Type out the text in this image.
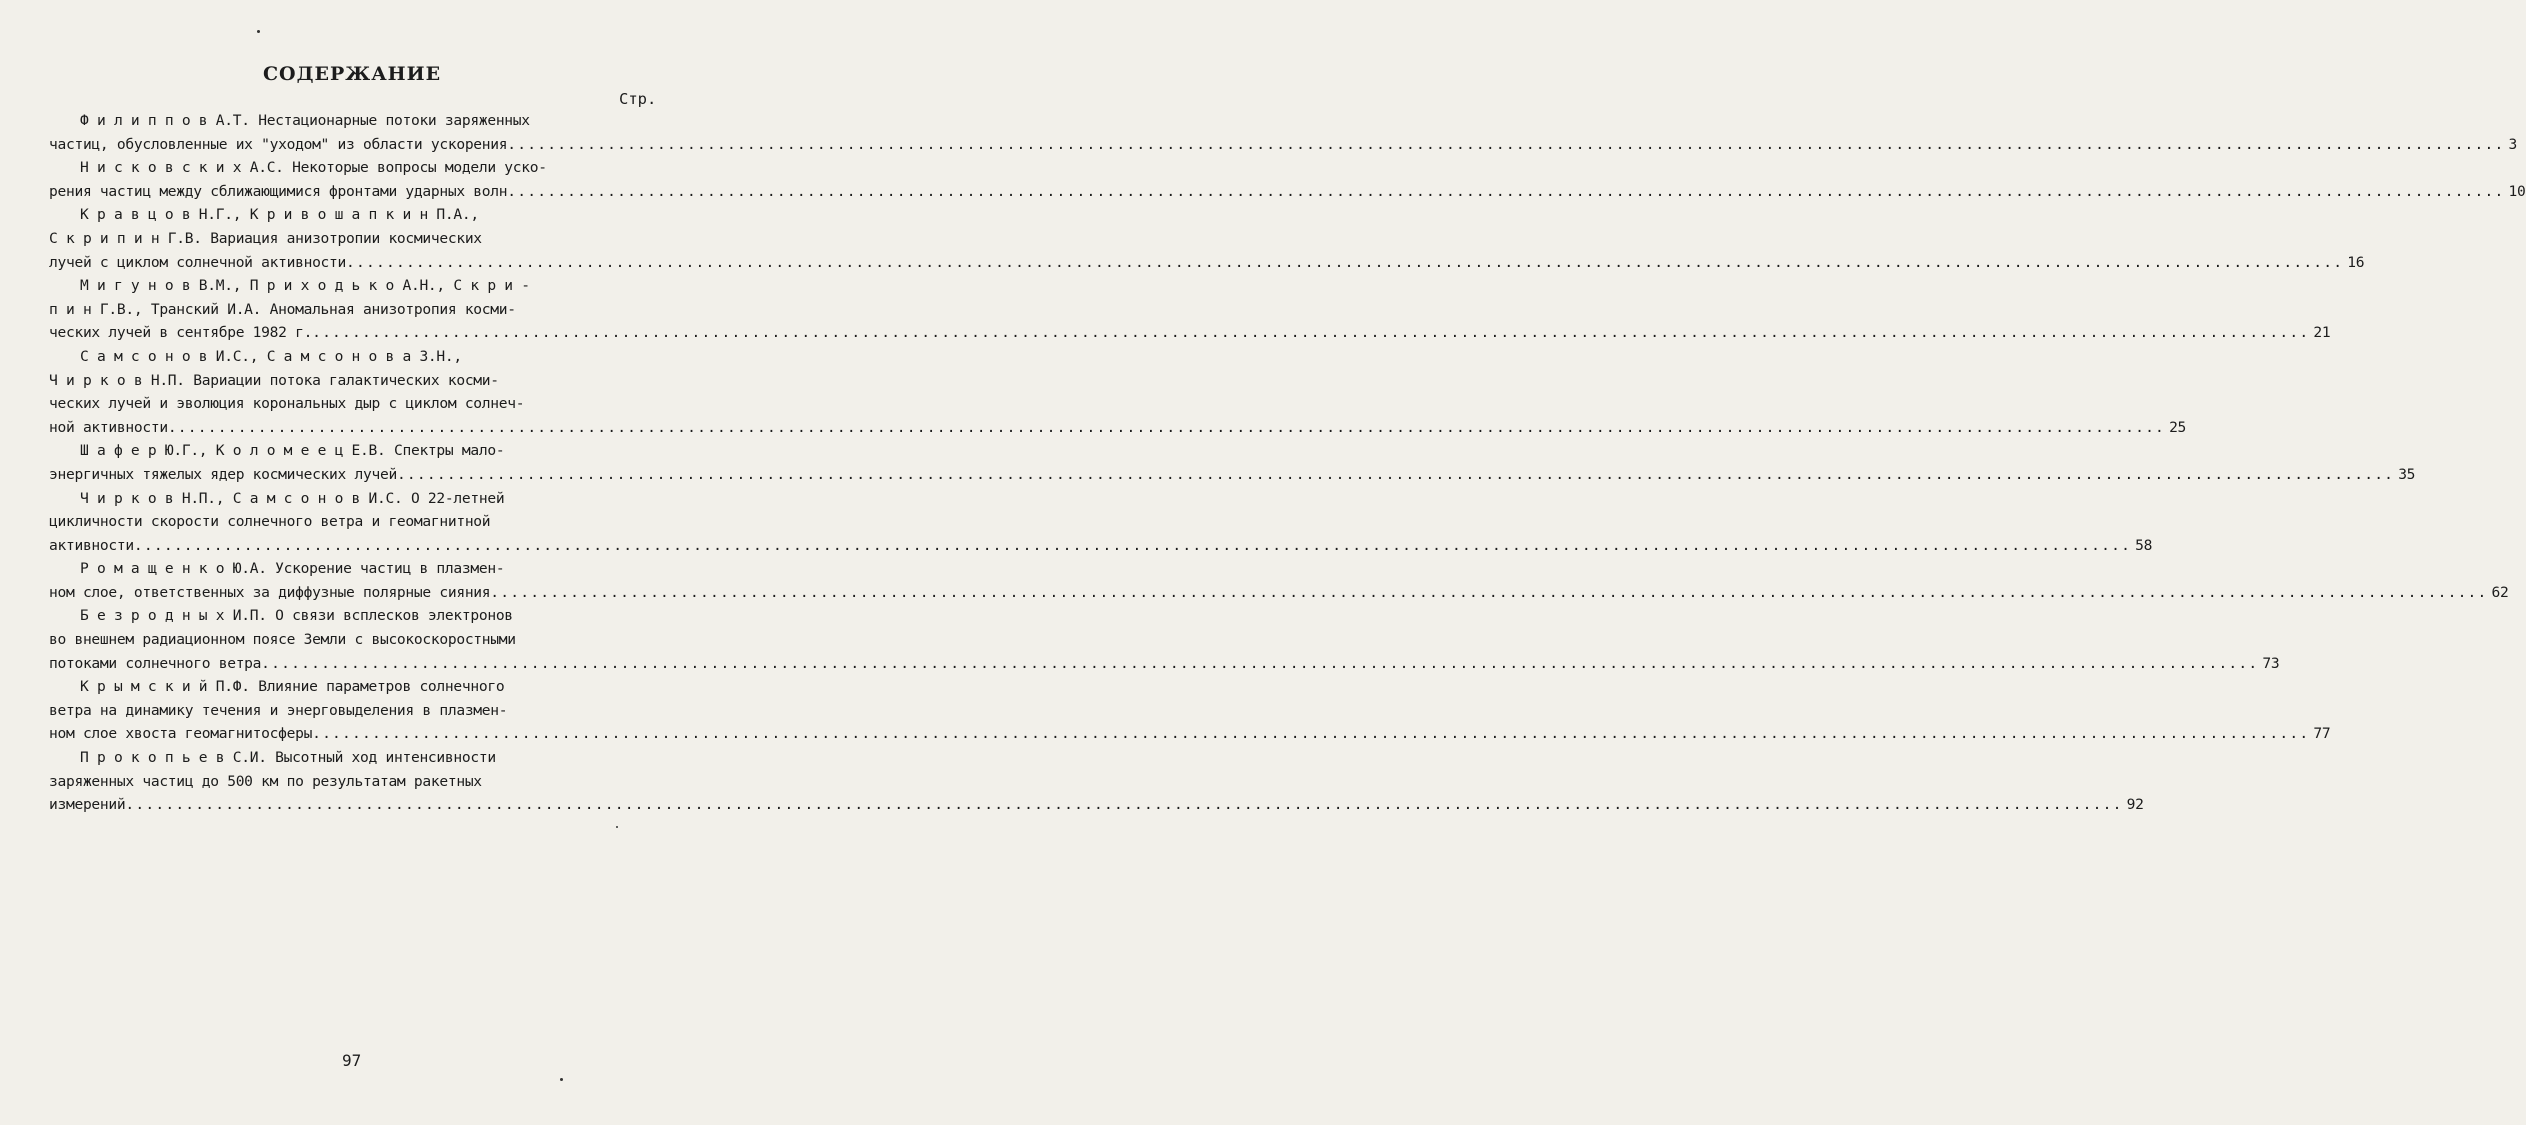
СОДЕРЖАНИЕ
Стр.
Ф и л и п п о в А.Т. Нестационарные потоки заряженных
частиц, обусловленные их "уходом" из области ускорения ........................................................................................................................................................................................................ 3
Н и с к о в с к и х А.С. Некоторые вопросы модели уско-
рения частиц между сближающимися фронтами ударных волн ........................................................................................................................................................................................................ 10
К р а в ц о в Н.Г., К р и в о ш а п к и н П.А.,
С к р и п и н Г.В. Вариация анизотропии космических
лучей с циклом солнечной активности ........................................................................................................................................................................................................ 16
М и г у н о в В.М., П р и х о д ь к о А.Н., С к р и -
п и н Г.В., Транский И.А. Аномальная анизотропия косми-
ческих лучей в сентябре 1982 г. ........................................................................................................................................................................................................ 21
С а м с о н о в И.С., С а м с о н о в а З.Н.,
Ч и р к о в Н.П. Вариации потока галактических косми-
ческих лучей и эволюция корональных дыр с циклом солнеч-
ной активности ........................................................................................................................................................................................................ 25
Ш а ф е р Ю.Г., К о л о м е е ц Е.В. Спектры мало-
энергичных тяжелых ядер космических лучей ........................................................................................................................................................................................................ 35
Ч и р к о в Н.П., С а м с о н о в И.С. О 22-летней
цикличности скорости солнечного ветра и геомагнитной
активности ........................................................................................................................................................................................................ 58
Р о м а щ е н к о Ю.А. Ускорение частиц в плазмен-
ном слое, ответственных за диффузные полярные сияния ........................................................................................................................................................................................................ 62
Б е з р о д н ы х И.П. О связи всплесков электронов
во внешнем радиационном поясе Земли с высокоскоростными
потоками солнечного ветра ........................................................................................................................................................................................................ 73
К р ы м с к и й П.Ф. Влияние параметров солнечного
ветра на динамику течения и энерговыделения в плазмен-
ном слое хвоста геомагнитосферы ........................................................................................................................................................................................................ 77
П р о к о п ь е в С.И. Высотный ход интенсивности
заряженных частиц до 500 км по результатам ракетных
измерений ........................................................................................................................................................................................................ 92
97
